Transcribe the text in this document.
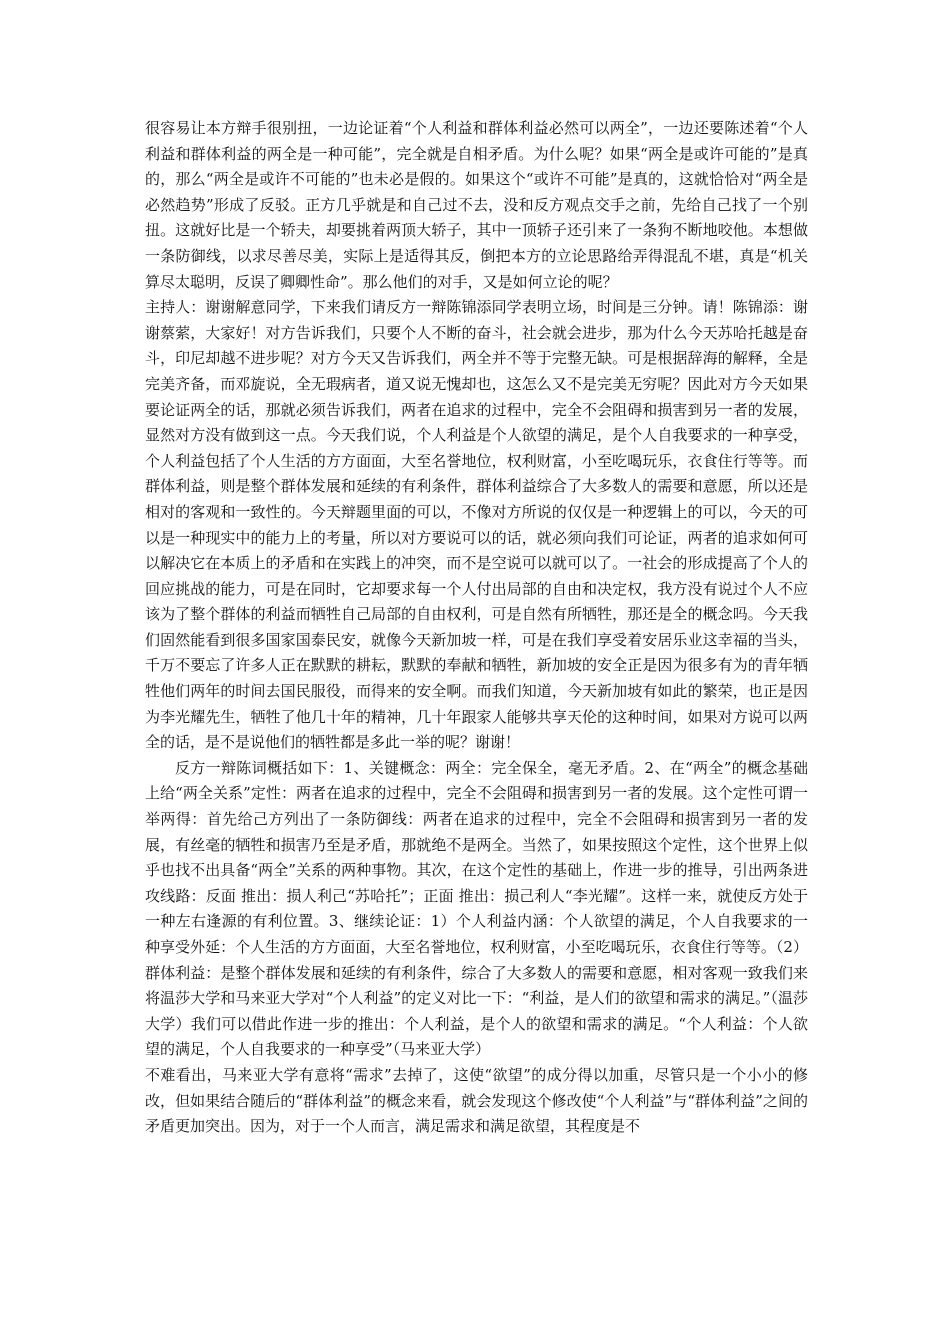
很容易让本方辩手很别扭，一边论证着“个人利益和群体利益必然可以两全”，一边还要陈述着“个人利益和群体利益的两全是一种可能”，完全就是自相矛盾。为什么呢？如果“两全是或许可能的”是真的，那么“两全是或许不可能的”也未必是假的。如果这个“或许不可能”是真的，这就恰恰对“两全是必然趋势”形成了反驳。正方几乎就是和自己过不去，没和反方观点交手之前，先给自己找了一个别扭。这就好比是一个轿夫，却要挑着两顶大轿子，其中一顶轿子还引来了一条狗不断地咬他。本想做一条防御线，以求尽善尽美，实际上是适得其反，倒把本方的立论思路给弄得混乱不堪，真是“机关算尽太聪明，反误了卿卿性命”。那么他们的对手，又是如何立论的呢？

主持人：谢谢解意同学，下来我们请反方一辩陈锦添同学表明立场，时间是三分钟。请！陈锦添：谢谢蔡萦，大家好！对方告诉我们，只要个人不断的奋斗，社会就会进步，那为什么今天苏哈托越是奋斗，印尼却越不进步呢？对方今天又告诉我们，两全并不等于完整无缺。可是根据辞海的解释，全是完美齐备，而邓旋说，全无瑕病者，道又说无愧却也，这怎么又不是完美无穷呢？因此对方今天如果要论证两全的话，那就必须告诉我们，两者在追求的过程中，完全不会阻碍和损害到另一者的发展，显然对方没有做到这一点。今天我们说，个人利益是个人欲望的满足，是个人自我要求的一种享受，个人利益包括了个人生活的方方面面，大至名誉地位，权利财富，小至吃喝玩乐，衣食住行等等。而群体利益，则是整个群体发展和延续的有利条件，群体利益综合了大多数人的需要和意愿，所以还是相对的客观和一致性的。今天辩题里面的可以，不像对方所说的仅仅是一种逻辑上的可以，今天的可以是一种现实中的能力上的考量，所以对方要说可以的话，就必须向我们可论证，两者的追求如何可以解决它在本质上的矛盾和在实践上的冲突，而不是空说可以就可以了。一社会的形成提高了个人的回应挑战的能力，可是在同时，它却要求每一个人付出局部的自由和决定权，我方没有说过个人不应该为了整个群体的利益而牺牲自己局部的自由权利，可是自然有所牺牲，那还是全的概念吗。今天我们固然能看到很多国家国泰民安，就像今天新加坡一样，可是在我们享受着安居乐业这幸福的当头，千万不要忘了许多人正在默默的耕耘，默默的奉献和牺牲，新加坡的安全正是因为很多有为的青年牺牲他们两年的时间去国民服役，而得来的安全啊。而我们知道，今天新加坡有如此的繁荣，也正是因为李光耀先生，牺牲了他几十年的精神，几十年跟家人能够共享天伦的这种时间，如果对方说可以两全的话，是不是说他们的牺牲都是多此一举的呢？谢谢！

反方一辩陈词概括如下：1、关键概念：两全：完全保全，毫无矛盾。2、在“两全”的概念基础上给“两全关系”定性：两者在追求的过程中，完全不会阻碍和损害到另一者的发展。这个定性可谓一举两得：首先给己方列出了一条防御线：两者在追求的过程中，完全不会阻碍和损害到另一者的发展，有丝毫的牺牲和损害乃至是矛盾，那就绝不是两全。当然了，如果按照这个定性，这个世界上似乎也找不出具备“两全”关系的两种事物。其次，在这个定性的基础上，作进一步的推导，引出两条进攻线路：反面 推出：损人利己“苏哈托”；正面 推出：损己利人“李光耀”。这样一来，就使反方处于一种左右逢源的有利位置。3、继续论证：1）个人利益内涵：个人欲望的满足，个人自我要求的一种享受外延：个人生活的方方面面，大至名誉地位，权利财富，小至吃喝玩乐，衣食住行等等。（2）群体利益：是整个群体发展和延续的有利条件，综合了大多数人的需要和意愿，相对客观一致我们来将温莎大学和马来亚大学对“个人利益”的定义对比一下：“利益，是人们的欲望和需求的满足。”（温莎大学）我们可以借此作进一步的推出：个人利益，是个人的欲望和需求的满足。“个人利益：个人欲望的满足，个人自我要求的一种享受”（马来亚大学）

不难看出，马来亚大学有意将“需求”去掉了，这使“欲望”的成分得以加重，尽管只是一个小小的修改，但如果结合随后的“群体利益”的概念来看，就会发现这个修改使“个人利益”与“群体利益”之间的矛盾更加突出。因为，对于一个人而言，满足需求和满足欲望，其程度是不
